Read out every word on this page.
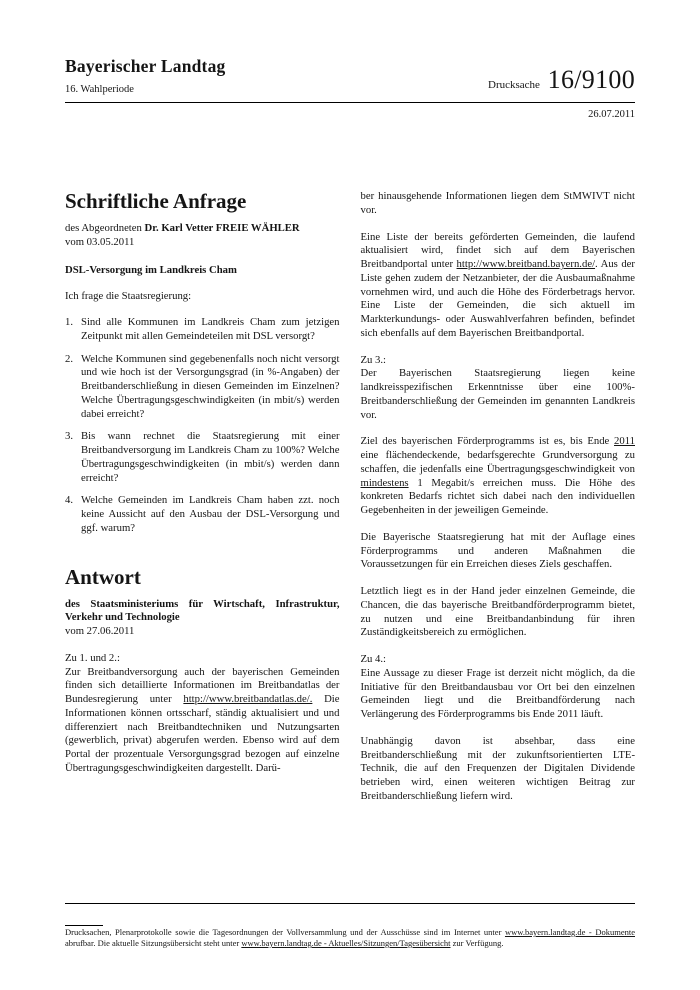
Bayerischer Landtag
16. Wahlperiode	Drucksache 16/9100
26.07.2011
Schriftliche Anfrage

des Abgeordneten Dr. Karl Vetter FREIE WÄHLER
vom 03.05.2011

DSL-Versorgung im Landkreis Cham

Ich frage die Staatsregierung:

1. Sind alle Kommunen im Landkreis Cham zum jetzigen Zeitpunkt mit allen Gemeindeteilen mit DSL versorgt?
2. Welche Kommunen sind gegebenenfalls noch nicht versorgt und wie hoch ist der Versorgungsgrad (in %-Angaben) der Breitbanderschließung in diesen Gemeinden im Einzelnen? Welche Übertragungsgeschwindigkeiten (in mbit/s) werden dabei erreicht?
3. Bis wann rechnet die Staatsregierung mit einer Breitbandversorgung im Landkreis Cham zu 100%? Welche Übertragungsgeschwindigkeiten (in mbit/s) werden dann erreicht?
4. Welche Gemeinden im Landkreis Cham haben zzt. noch keine Aussicht auf den Ausbau der DSL-Versorgung und ggf. warum?
Antwort

des Staatsministeriums für Wirtschaft, Infrastruktur, Verkehr und Technologie

vom 27.06.2011

Zu 1. und 2.:

Zur Breitbandversorgung auch der bayerischen Gemeinden finden sich detaillierte Informationen im Breitbandatlas der Bundesregierung unter http://www.breitbandatlas.de/. Die Informationen können ortsscharf, ständig aktualisiert und und differenziert nach Breitbandtechniken und Nutzungsarten (gewerblich, privat) abgerufen werden. Ebenso wird auf dem Portal der prozentuale Versorgungsgrad bezogen auf einzelne Übertragungsgeschwindigkeiten dargestellt. Darü-

ber hinausgehende Informationen liegen dem StMWIVT nicht vor.

Eine Liste der bereits geförderten Gemeinden, die laufend aktualisiert wird, findet sich auf dem Bayerischen Breitbandportal unter http://www.breitband.bayern.de/. Aus der Liste gehen zudem der Netzanbieter, der die Ausbaumaßnahme vornehmen wird, und auch die Höhe des Förderbetrags hervor. Eine Liste der Gemeinden, die sich aktuell im Markterkundungs- oder Auswahlverfahren befinden, befindet sich ebenfalls auf dem Bayerischen Breitbandportal.

Zu 3.:

Der Bayerischen Staatsregierung liegen keine landkreisspezifischen Erkenntnisse über eine 100%-Breitbanderschließung der Gemeinden im genannten Landkreis vor.

Ziel des bayerischen Förderprogramms ist es, bis Ende 2011 eine flächendeckende, bedarfsgerechte Grundversorgung zu schaffen, die jedenfalls eine Übertragungsgeschwindigkeit von mindestens 1 Megabit/s erreichen muss. Die Höhe des konkreten Bedarfs richtet sich dabei nach den individuellen Gegebenheiten in der jeweiligen Gemeinde.

Die Bayerische Staatsregierung hat mit der Auflage eines Förderprogramms und anderen Maßnahmen die Voraussetzungen für ein Erreichen dieses Ziels geschaffen.

Letztlich liegt es in der Hand jeder einzelnen Gemeinde, die Chancen, die das bayerische Breitbandförderprogramm bietet, zu nutzen und eine Breitbandanbindung für ihren Zuständigkeitsbereich zu ermöglichen.

Zu 4.:

Eine Aussage zu dieser Frage ist derzeit nicht möglich, da die Initiative für den Breitbandausbau vor Ort bei den einzelnen Gemeinden liegt und die Breitbandförderung nach Verlängerung des Förderprogramms bis Ende 2011 läuft.

Unabhängig davon ist absehbar, dass eine Breitbanderschließung mit der zukunftsorientierten LTE-Technik, die auf den Frequenzen der Digitalen Dividende betrieben wird, einen weiteren wichtigen Beitrag zur Breitbanderschließung liefern wird.

Drucksachen, Plenarprotokolle sowie die Tagesordnungen der Vollversammlung und der Ausschüsse sind im Internet unter www.bayern.landtag.de - Dokumente abrufbar. Die aktuelle Sitzungsübersicht steht unter www.bayern.landtag.de - Aktuelles/Sitzungen/Tagesübersicht zur Verfügung.
